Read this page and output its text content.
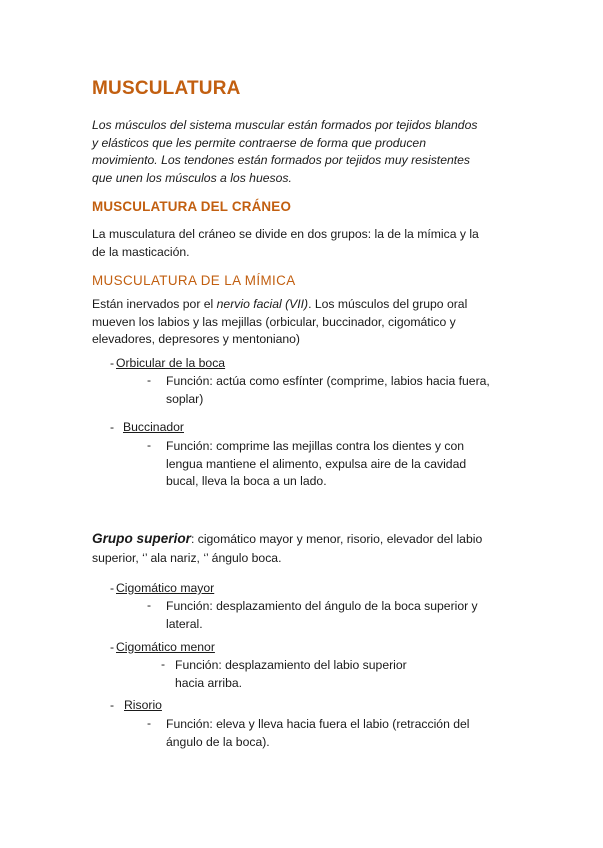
MUSCULATURA
Los músculos del sistema muscular están formados por tejidos blandos
y elásticos que les permite contraerse de forma que producen
movimiento. Los tendones están formados por tejidos muy resistentes
que unen los músculos a los huesos.
MUSCULATURA DEL CRÁNEO
La musculatura del cráneo se divide en dos grupos: la de la mímica y la
de la masticación.
MUSCULATURA DE LA MÍMICA
Están inervados por el nervio facial (VII). Los músculos del grupo oral
mueven los labios y las mejillas (orbicular, buccinador, cigomático y
elevadores, depresores y mentoniano)
- Orbicular de la boca
- Función: actúa como esfínter (comprime, labios hacia fuera,
soplar)
- Buccinador
- Función: comprime las mejillas contra los dientes y con
lengua mantiene el alimento, expulsa aire de la cavidad
bucal, lleva la boca a un lado.
Grupo superior: cigomático mayor y menor, risorio, elevador del labio
superior, ‘’ ala nariz, ‘’ ángulo boca.
- Cigomático mayor
- Función: desplazamiento del ángulo de la boca superior y
lateral.
- Cigomático menor
- Función: desplazamiento del labio superior
hacia arriba.
- Risorio
- Función: eleva y lleva hacia fuera el labio (retracción del
ángulo de la boca).
